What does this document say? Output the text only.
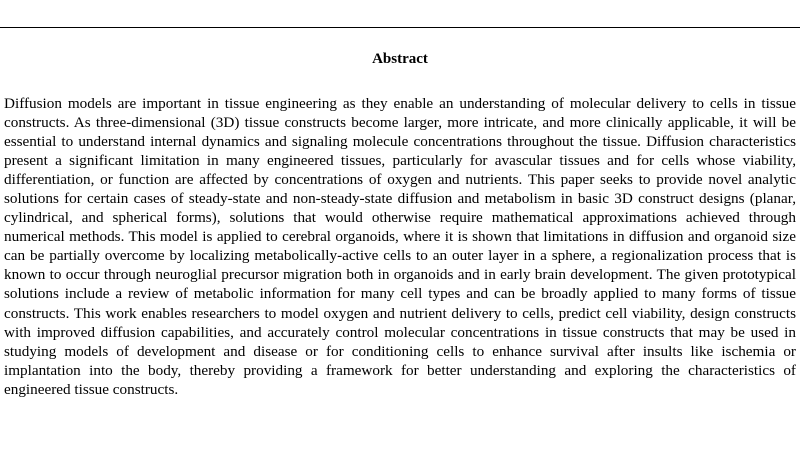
Abstract

Diffusion models are important in tissue engineering as they enable an understanding of molecular delivery to cells in tissue constructs. As three-dimensional (3D) tissue constructs become larger, more intricate, and more clinically applicable, it will be essential to understand internal dynamics and signaling molecule concentrations throughout the tissue. Diffusion characteristics present a significant limitation in many engineered tissues, particularly for avascular tissues and for cells whose viability, differentiation, or function are affected by concentrations of oxygen and nutrients. This paper seeks to provide novel analytic solutions for certain cases of steady-state and non-steady-state diffusion and metabolism in basic 3D construct designs (planar, cylindrical, and spherical forms), solutions that would otherwise require mathematical approximations achieved through numerical methods. This model is applied to cerebral organoids, where it is shown that limitations in diffusion and organoid size can be partially overcome by localizing metabolically-active cells to an outer layer in a sphere, a regionalization process that is known to occur through neuroglial precursor migration both in organoids and in early brain development. The given prototypical solutions include a review of metabolic information for many cell types and can be broadly applied to many forms of tissue constructs. This work enables researchers to model oxygen and nutrient delivery to cells, predict cell viability, design constructs with improved diffusion capabilities, and accurately control molecular concentrations in tissue constructs that may be used in studying models of development and disease or for conditioning cells to enhance survival after insults like ischemia or implantation into the body, thereby providing a framework for better understanding and exploring the characteristics of engineered tissue constructs.
